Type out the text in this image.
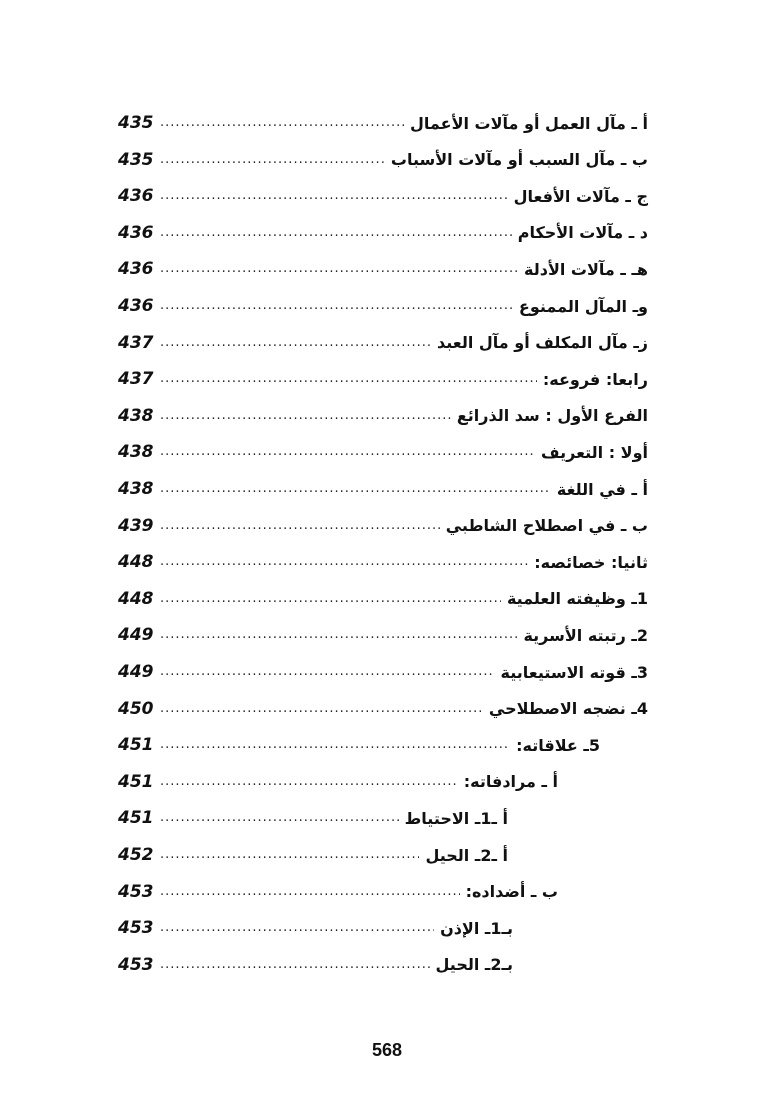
أ ـ مآل العمل أو مآلات الأعمال
.....
435
ب ـ مآل السبب أو مآلات الأسباب
.....
435
ج ـ مآلات الأفعال
.....
436
د ـ مآلات الأحكام
.....
436
هـ ـ مآلات الأدلة
.....
436
وـ المآل الممنوع
.....
436
زـ مآل المكلف أو مآل العبد
.....
437
رابعا: فروعه:
.....
437
الفرع الأول : سد الذرائع
.....
438
أولا : التعريف
.....
438
أ ـ في اللغة
.....
438
ب ـ في اصطلاح الشاطبي
.....
439
ثانيا: خصائصه:
.....
448
1ـ وظيفته العلمية
.....
448
2ـ رتبته الأسرية
.....
449
3ـ قوته الاستيعابية
.....
449
4ـ نضجه الاصطلاحي
.....
450
5ـ علاقاته:
.....
451
أ ـ مرادفاته:
.....
451
أ ـ1ـ الاحتياط
.....
451
أ ـ2ـ الحيل
.....
452
ب ـ أضداده:
.....
453
بـ1ـ الإذن
.....
453
بـ2ـ الحيل
.....
453
568
